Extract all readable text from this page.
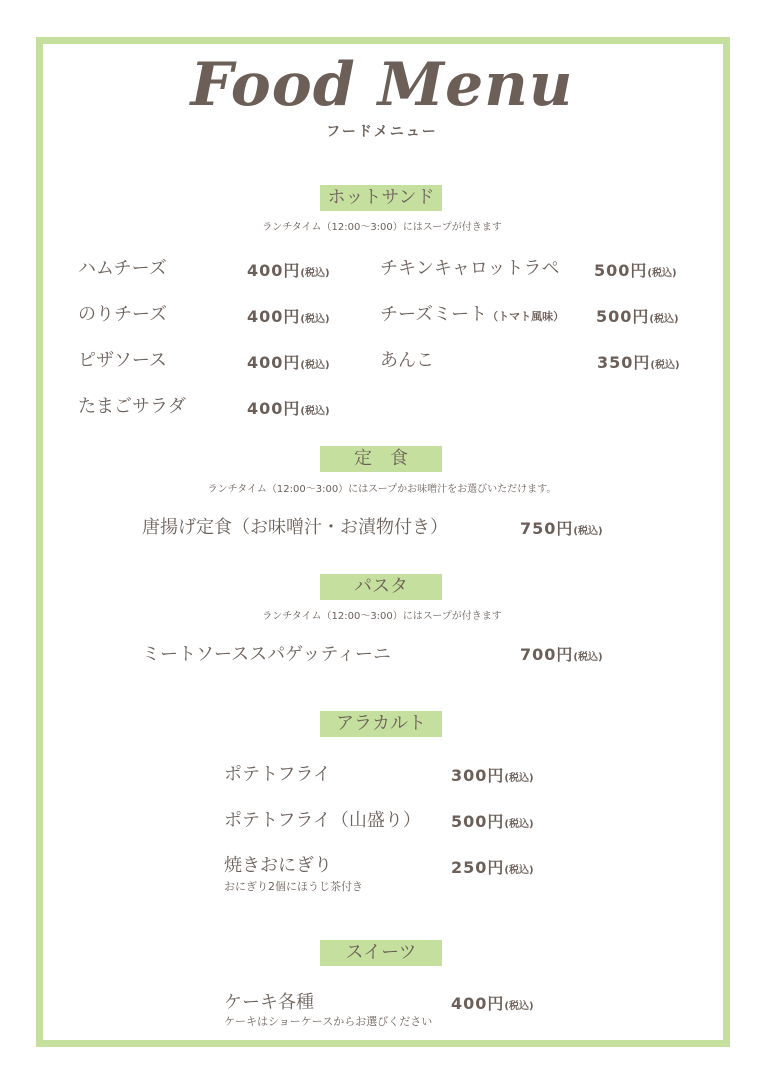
Food Menu
フードメニュー
ホットサンド
ランチタイム（12:00〜3:00）にはスープが付きます
ハムチーズ	400円(税込)
のりチーズ	400円(税込)
ピザソース	400円(税込)
たまごサラダ	400円(税込)
チキンキャロットラペ 500円(税込)
チーズミート（トマト風味） 500円(税込)
あんこ	350円(税込)
定　食
ランチタイム（12:00〜3:00）にはスープかお味噌汁をお選びいただけます。
唐揚げ定食（お味噌汁・お漬物付き）	750円(税込)
パスタ
ランチタイム（12:00〜3:00）にはスープが付きます
ミートソーススパゲッティーニ	700円(税込)
アラカルト
ポテトフライ	300円(税込)
ポテトフライ（山盛り） 500円(税込)
焼きおにぎり	250円(税込)
おにぎり2個にほうじ茶付き
スイーツ
ケーキ各種	400円(税込)
ケーキはショーケースからお選びください
